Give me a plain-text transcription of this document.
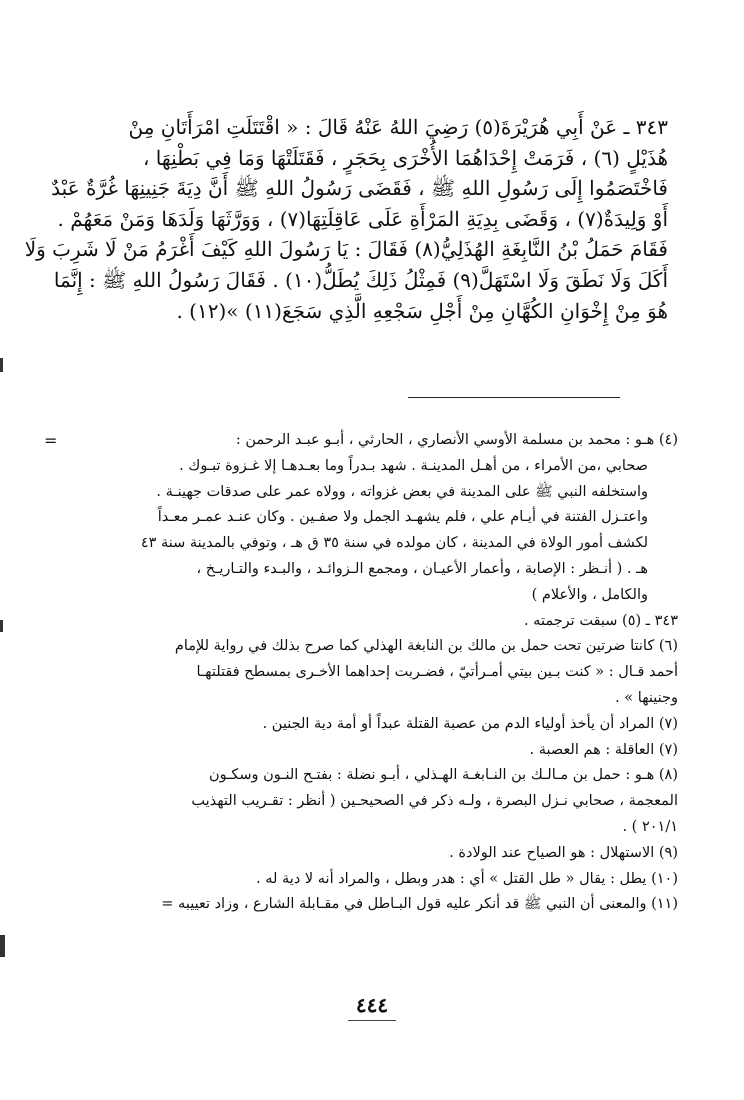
٣٤٣ ـ عَنْ أَبِي هُرَيْرَةَ(٥) رَضِيَ اللهُ عَنْهُ قَالَ : « اقْتَتَلَتِ امْرَأَتَانِ مِنْ
هُذَيْلٍ (٦) ، فَرَمَتْ إِحْدَاهُمَا الأُخْرَى بِحَجَرٍ ، فَقَتَلَتْهَا وَمَا فِي بَطْنِهَا ،
فَاخْتَصَمُوا إِلَى رَسُولِ اللهِ ﷺ ، فَقَضَى رَسُولُ اللهِ ﷺ أَنَّ دِيَةَ جَنِينِهَا غُرَّةٌ عَبْدٌ
أَوْ وَلِيدَةٌ(٧) ، وَقَضَى بِدِيَةِ المَرْأَةِ عَلَى عَاقِلَتِهَا(٧) ، وَوَرَّثَهَا وَلَدَهَا وَمَنْ مَعَهُمْ .
فَقَامَ حَمَلُ بْنُ النَّابِغَةِ الهُذَلِيُّ(٨) فَقَالَ : يَا رَسُولَ اللهِ كَيْفَ أَغْرَمُ مَنْ لَا شَرِبَ وَلَا
أَكَلَ وَلَا نَطَقَ وَلَا اسْتَهَلَّ(٩) فَمِثْلُ ذَلِكَ يُطَلُّ(١٠) . فَقَالَ رَسُولُ اللهِ ﷺ : إِنَّمَا
هُوَ مِنْ إِخْوَانِ الكُهَّانِ مِنْ أَجْلِ سَجْعِهِ الَّذِي سَجَعَ(١١) »(١٢) .
=	(٤) هـو : محمد بن مسلمة الأوسي الأنصاري ، الحارثي ، أبـو عبـد الرحمن :
صحابي ،من الأمراء ، من أهـل المدينـة . شهد بـدراً وما بعـدهـا إلا غـزوة تبـوك .
واستخلفه النبي ﷺ على المدينة في بعض غزواته ، وولاه عمر على صدقات جهينـة .
واعتـزل الفتنة في أيـام علي ، فلم يشهـد الجمل ولا صفـين . وكان عنـد عمـر معـداً
لكشف أمور الولاة في المدينة ، كان مولده في سنة ٣٥ ق هـ ، وتوفي بالمدينة سنة ٤٣
هـ . ( أنـظر : الإصابة ، وأعمار الأعيـان ، ومجمع الـزوائـد ، والبـدء والتـاريـخ ،
والكامل ، والأعلام )
٣٤٣ ـ (٥) سبقت ترجمته .
(٦) كانتا ضرتين تحت حمل بن مالك بن النابغة الهذلي كما صرح بذلك في رواية للإمام
أحمد قـال : « كنت بـين بيتي أمـرأتيّ ، فضـربت إحداهما الأخـرى بمسطح فقتلتهـا
وجنينها » .
(٧) المراد أن يأخذ أولياء الدم من عصبة القتلة عبداً أو أمة دية الجنين .
(٧) العاقلة : هم العصبة .
(٨) هـو : حمل بن مـالـك بن النـابغـة الهـذلي ، أبـو نضلة : بفتـح النـون وسكـون
المعجمة ، صحابي نـزل البصرة ، ولـه ذكر في الصحيحـين ( أنظر : تقـريب التهذيب
٢٠١/١ ) .
(٩) الاستهلال : هو الصياح عند الولادة .
(١٠) يطل : يقال « طل القتل » أي : هدر وبطل ، والمراد أنه لا دية له .
(١١) والمعنى أن النبي ﷺ قد أنكر عليه قول البـاطل في مقـابلة الشارع ، وزاد تعييبه =
٤٤٤
